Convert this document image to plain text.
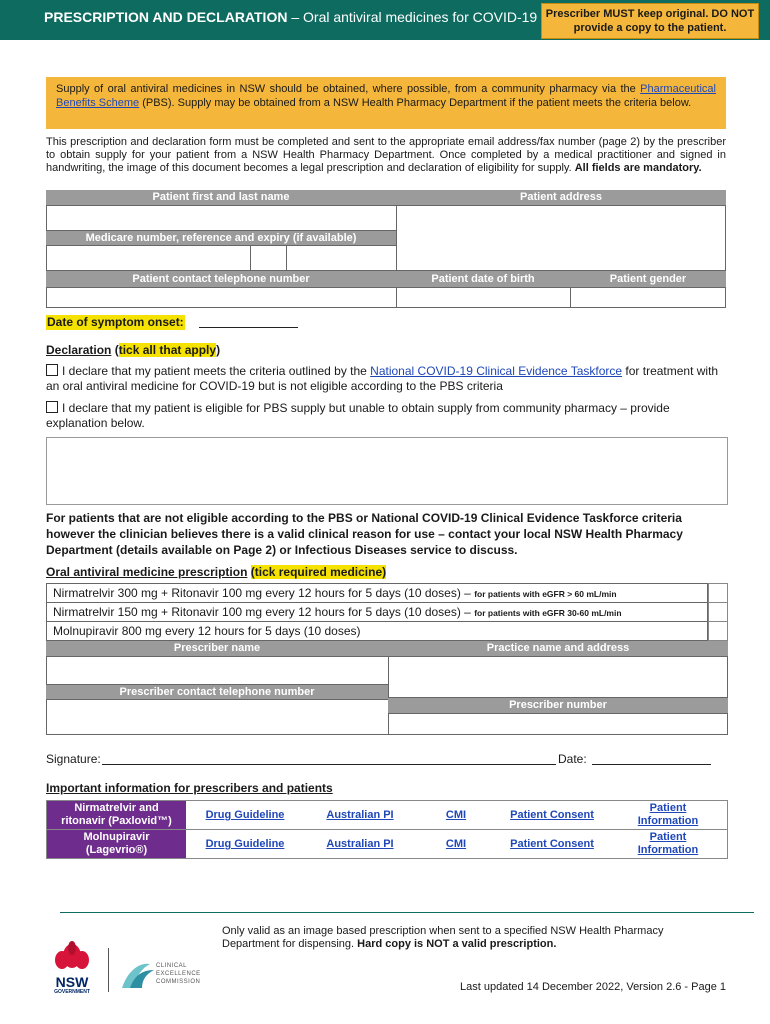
PRESCRIPTION AND DECLARATION – Oral antiviral medicines for COVID-19 Prescriber MUST keep original. DO NOT provide a copy to the patient.
Supply of oral antiviral medicines in NSW should be obtained, where possible, from a community pharmacy via the Pharmaceutical Benefits Scheme (PBS). Supply may be obtained from a NSW Health Pharmacy Department if the patient meets the criteria below.
This prescription and declaration form must be completed and sent to the appropriate email address/fax number (page 2) by the prescriber to obtain supply for your patient from a NSW Health Pharmacy Department. Once completed by a medical practitioner and signed in handwriting, the image of this document becomes a legal prescription and declaration of eligibility for supply. All fields are mandatory.
Patient first and last name	Patient address
Medicare number, reference and expiry (if available)
Patient contact telephone number	Patient date of birth	Patient gender
Date of symptom onset:
Declaration (tick all that apply)
I declare that my patient meets the criteria outlined by the National COVID-19 Clinical Evidence Taskforce for treatment with an oral antiviral medicine for COVID-19 but is not eligible according to the PBS criteria
I declare that my patient is eligible for PBS supply but unable to obtain supply from community pharmacy – provide explanation below.
For patients that are not eligible according to the PBS or National COVID-19 Clinical Evidence Taskforce criteria however the clinician believes there is a valid clinical reason for use – contact your local NSW Health Pharmacy Department (details available on Page 2) or Infectious Diseases service to discuss.
Oral antiviral medicine prescription (tick required medicine)
Nirmatrelvir 300 mg + Ritonavir 100 mg every 12 hours for 5 days (10 doses) – for patients with eGFR > 60 mL/min
Nirmatrelvir 150 mg + Ritonavir 100 mg every 12 hours for 5 days (10 doses) – for patients with eGFR 30-60 mL/min
Molnupiravir 800 mg every 12 hours for 5 days (10 doses)
Prescriber name	Practice name and address
Prescriber contact telephone number
Prescriber number
Signature:	Date:
Important information for prescribers and patients
Nirmatrelvir and
ritonavir (Paxlovid™)	Drug Guideline	Australian PI	CMI	Patient Consent
Patient
Information
Molnupiravir
(Lagevrio®)	Drug Guideline	Australian PI	CMI	Patient Consent
Patient
Information
Only valid as an image based prescription when sent to a specified NSW Health Pharmacy Department for dispensing. Hard copy is NOT a valid prescription.
NSW
GOVERNMENT
CLINICAL
EXCELLENCE
COMMISSION	Last updated 14 December 2022, Version 2.6 - Page 1
